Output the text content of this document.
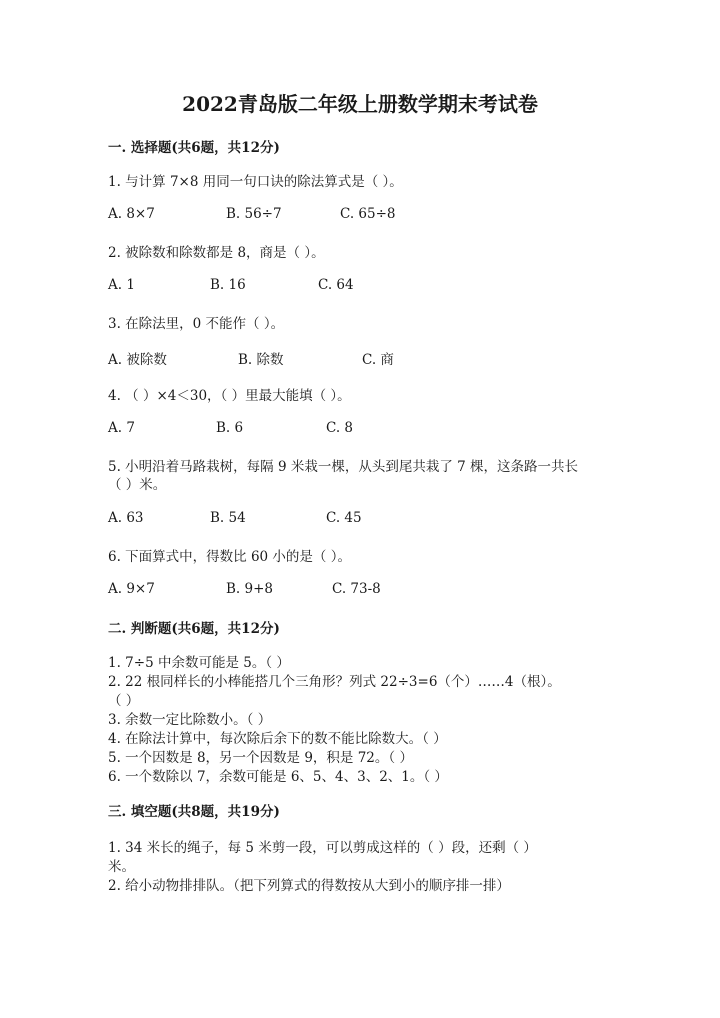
2022青岛版二年级上册数学期末考试卷
一. 选择题(共6题，共12分)
1. 与计算 7×8 用同一句口诀的除法算式是（ ）。
A. 8×7	B. 56÷7	C. 65÷8
2. 被除数和除数都是 8，商是（ ）。
A. 1	B. 16	C. 64
3. 在除法里，0 不能作（ ）。
A. 被除数	B. 除数	C. 商
4. （ ）×4＜30，（ ）里最大能填（ ）。
A. 7	B. 6	C. 8
5. 小明沿着马路栽树，每隔 9 米栽一棵，从头到尾共栽了 7 棵，这条路一共长
（ ）米。
A. 63	B. 54	C. 45
6. 下面算式中，得数比 60 小的是（ ）。
A. 9×7	B. 9+8	C. 73-8
二. 判断题(共6题，共12分)
1. 7÷5 中余数可能是 5。（ ）
2. 22 根同样长的小棒能搭几个三角形？列式 22÷3=6（个）……4（根）。
（ ）
3. 余数一定比除数小。（ ）
4. 在除法计算中，每次除后余下的数不能比除数大。（ ）
5. 一个因数是 8，另一个因数是 9，积是 72。（ ）
6. 一个数除以 7，余数可能是 6、5、4、3、2、1。（ ）
三. 填空题(共8题，共19分)
1. 34 米长的绳子，每 5 米剪一段，可以剪成这样的（ ）段，还剩（ ）
米。
2. 给小动物排排队。（把下列算式的得数按从大到小的顺序排一排）
